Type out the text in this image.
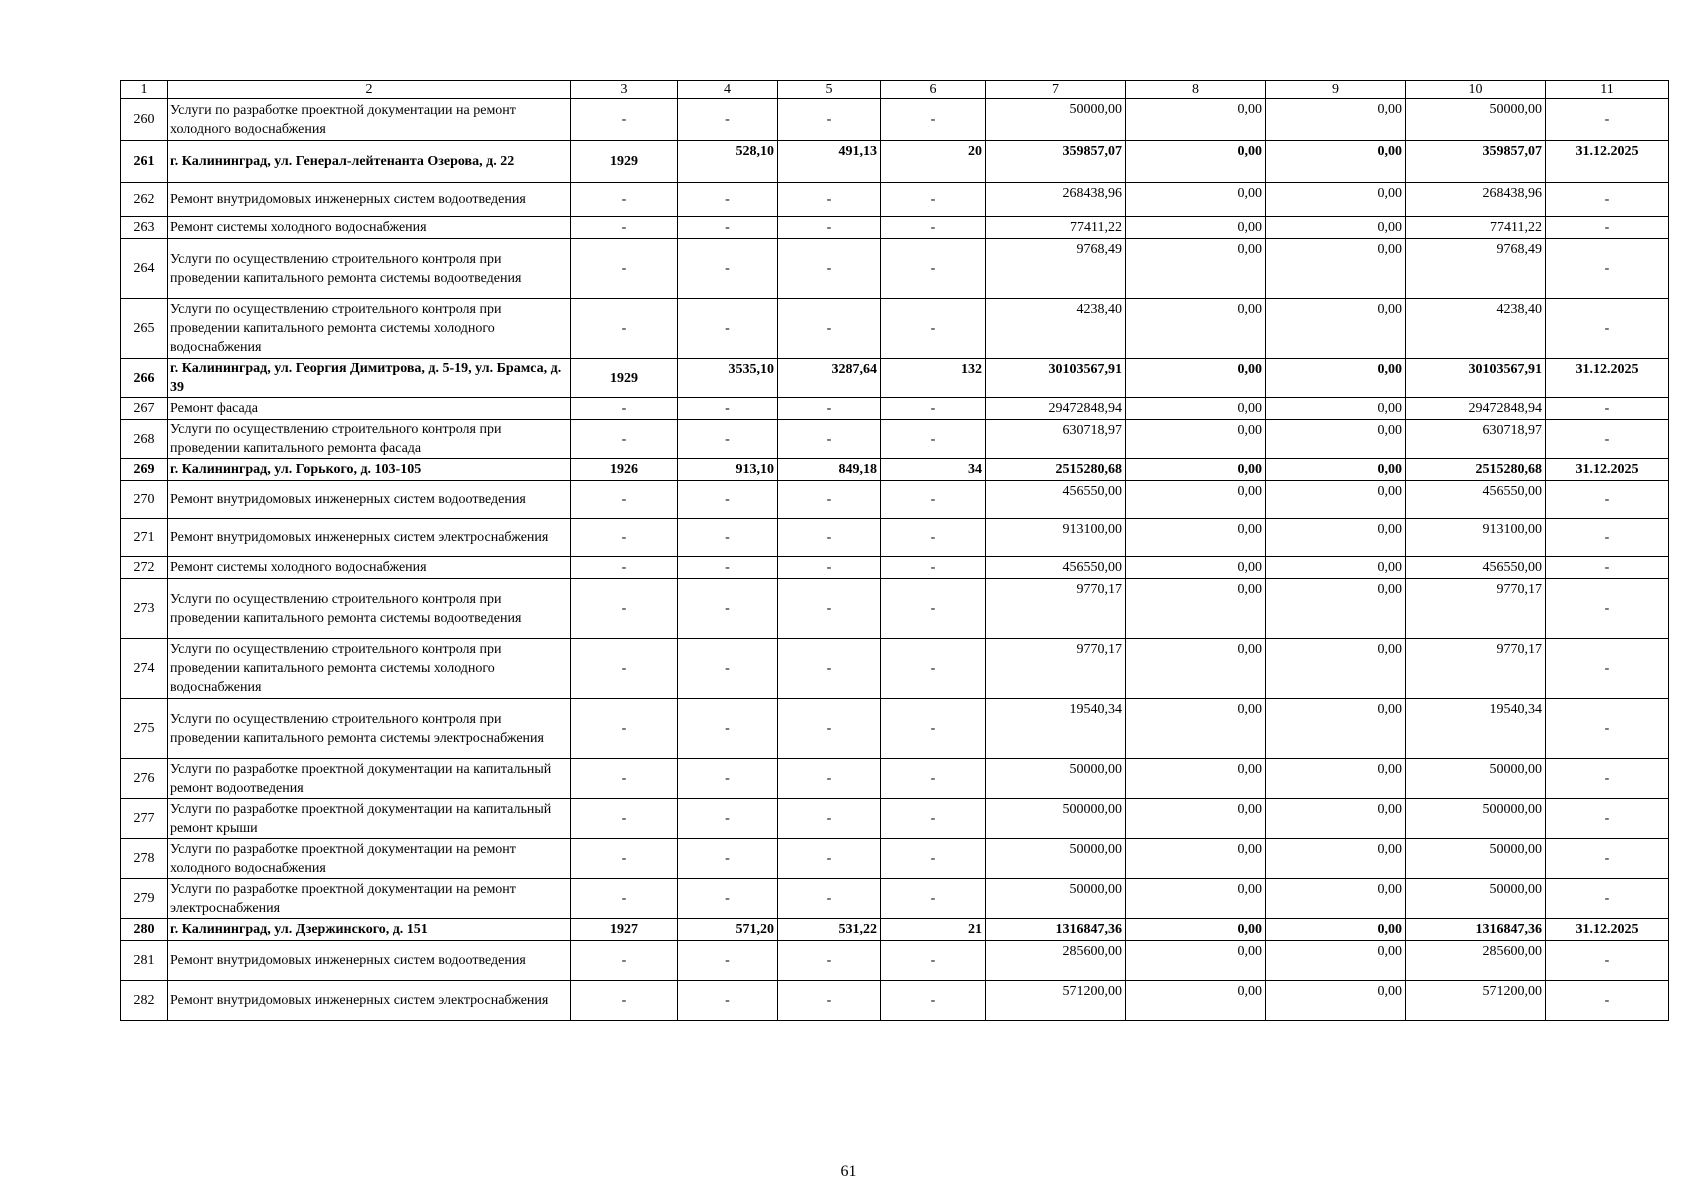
1	2	3	4	5	6	7	8	9	10	11
260	Услуги по разработке проектной документации на ремонт холодного водоснабжения	-	-	-	-	50000,00	0,00	0,00	50000,00	-
261	г. Калининград, ул. Генерал-лейтенанта Озерова, д. 22	1929	528,10	491,13	20	359857,07	0,00	0,00	359857,07	31.12.2025
262	Ремонт внутридомовых инженерных систем водоотведения	-	-	-	-	268438,96	0,00	0,00	268438,96	-
263	Ремонт системы холодного водоснабжения	-	-	-	-	77411,22	0,00	0,00	77411,22	-
264	Услуги по осуществлению строительного контроля при проведении капитального ремонта системы водоотведения	-	-	-	-	9768,49	0,00	0,00	9768,49	-
265	Услуги по осуществлению строительного контроля при проведении капитального ремонта системы холодного водоснабжения	-	-	-	-	4238,40	0,00	0,00	4238,40	-
266	г. Калининград, ул. Георгия Димитрова, д. 5-19, ул. Брамса, д. 39	1929	3535,10	3287,64	132	30103567,91	0,00	0,00	30103567,91	31.12.2025
267	Ремонт фасада	-	-	-	-	29472848,94	0,00	0,00	29472848,94	-
268	Услуги по осуществлению строительного контроля при проведении капитального ремонта фасада	-	-	-	-	630718,97	0,00	0,00	630718,97	-
269	г. Калининград, ул. Горького, д. 103-105	1926	913,10	849,18	34	2515280,68	0,00	0,00	2515280,68	31.12.2025
270	Ремонт внутридомовых инженерных систем водоотведения	-	-	-	-	456550,00	0,00	0,00	456550,00	-
271	Ремонт внутридомовых инженерных систем электроснабжения	-	-	-	-	913100,00	0,00	0,00	913100,00	-
272	Ремонт системы холодного водоснабжения	-	-	-	-	456550,00	0,00	0,00	456550,00	-
273	Услуги по осуществлению строительного контроля при проведении капитального ремонта системы водоотведения	-	-	-	-	9770,17	0,00	0,00	9770,17	-
274	Услуги по осуществлению строительного контроля при проведении капитального ремонта системы холодного водоснабжения	-	-	-	-	9770,17	0,00	0,00	9770,17	-
275	Услуги по осуществлению строительного контроля при проведении капитального ремонта системы электроснабжения	-	-	-	-	19540,34	0,00	0,00	19540,34	-
276	Услуги по разработке проектной документации на капитальный ремонт водоотведения	-	-	-	-	50000,00	0,00	0,00	50000,00	-
277	Услуги по разработке проектной документации на капитальный ремонт крыши	-	-	-	-	500000,00	0,00	0,00	500000,00	-
278	Услуги по разработке проектной документации на ремонт холодного водоснабжения	-	-	-	-	50000,00	0,00	0,00	50000,00	-
279	Услуги по разработке проектной документации на ремонт электроснабжения	-	-	-	-	50000,00	0,00	0,00	50000,00	-
280	г. Калининград, ул. Дзержинского, д. 151	1927	571,20	531,22	21	1316847,36	0,00	0,00	1316847,36	31.12.2025
281	Ремонт внутридомовых инженерных систем водоотведения	-	-	-	-	285600,00	0,00	0,00	285600,00	-
282	Ремонт внутридомовых инженерных систем электроснабжения	-	-	-	-	571200,00	0,00	0,00	571200,00	-
61
